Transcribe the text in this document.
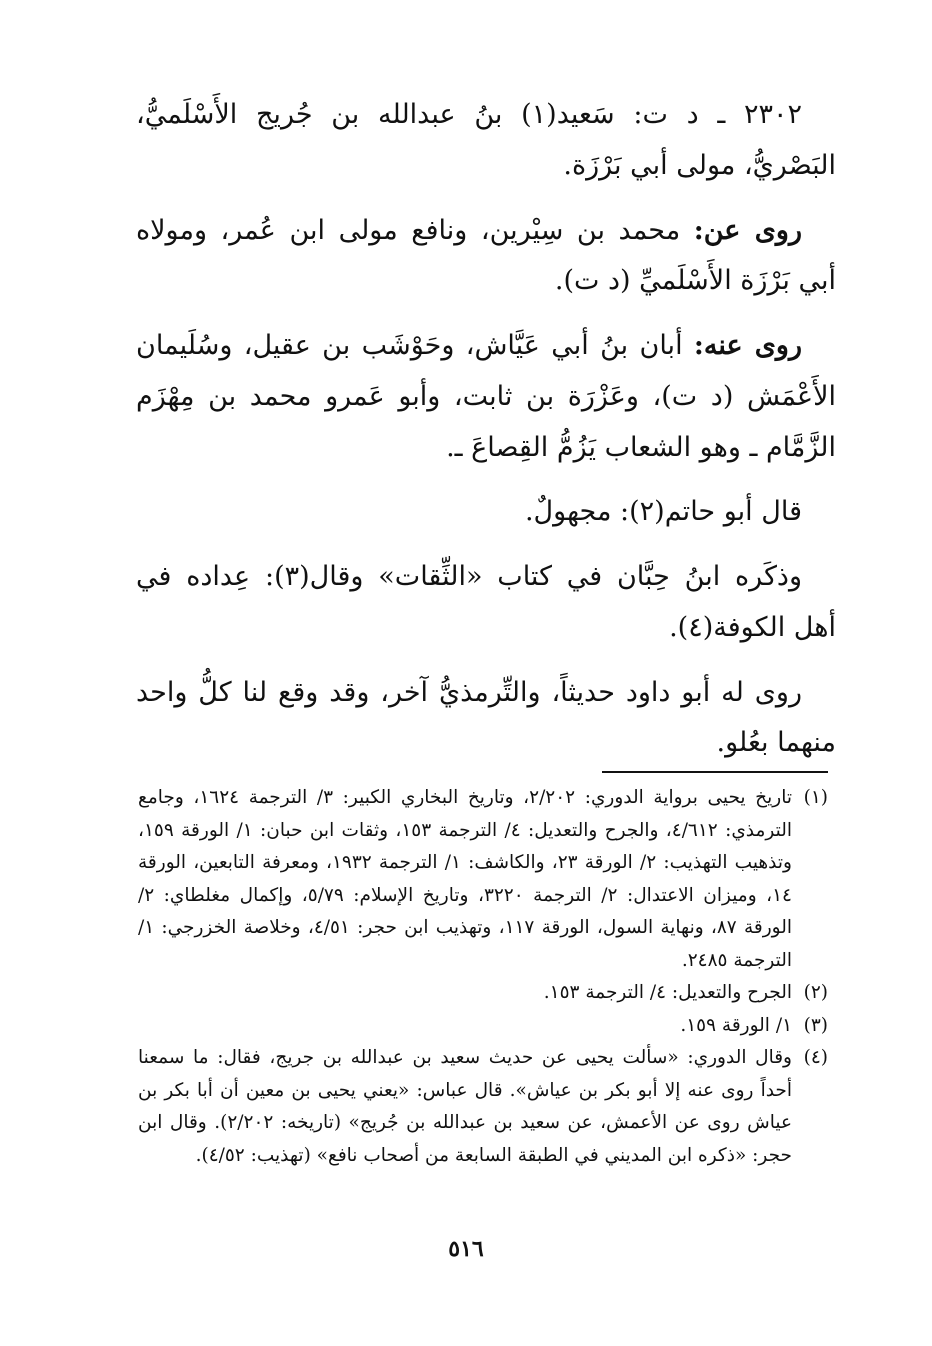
٢٣٠٢ ـ د ت: سَعيد(١) بنُ عبدالله بن جُريج الأَسْلَميُّ، البَصْريُّ، مولى أبي بَرْزَة.

روى عن: محمد بن سِيْرين، ونافع مولى ابن عُمر، ومولاه أبي بَرْزَة الأَسْلَميِّ (د ت).

روى عنه: أبان بنُ أبي عَيَّاش، وحَوْشَب بن عقيل، وسُلَيمان الأَعْمَش (د ت)، وعَزْرَة بن ثابت، وأبو عَمرو محمد بن مِهْزَم الزَّمَّام ـ وهو الشعاب يَزُمُّ القِصاعَ ـ.

قال أبو حاتم(٢): مجهولٌ.

وذكَره ابنُ حِبَّان في كتاب «الثِّقات» وقال(٣): عِداده في أهل الكوفة(٤).

روى له أبو داود حديثاً، والتِّرمذيُّ آخر، وقد وقع لنا كلُّ واحد منهما بعُلو.

(١)
تاريخ يحيى برواية الدوري: ٢/٢٠٢، وتاريخ البخاري الكبير: ٣/ الترجمة ١٦٢٤، وجامع الترمذي: ٤/٦١٢، والجرح والتعديل: ٤/ الترجمة ١٥٣، وثقات ابن حبان: ١/ الورقة ١٥٩، وتذهيب التهذيب: ٢/ الورقة ٢٣، والكاشف: ١/ الترجمة ١٩٣٢، ومعرفة التابعين، الورقة ١٤، وميزان الاعتدال: ٢/ الترجمة ٣٢٢٠، وتاريخ الإسلام: ٥/٧٩، وإكمال مغلطاي: ٢/ الورقة ٨٧، ونهاية السول، الورقة ١١٧، وتهذيب ابن حجر: ٤/٥١، وخلاصة الخزرجي: ١/ الترجمة ٢٤٨٥.
(٢)
الجرح والتعديل: ٤/ الترجمة ١٥٣.
(٣)
١/ الورقة ١٥٩.
(٤)
وقال الدوري: «سألت يحيى عن حديث سعيد بن عبدالله بن جريج، فقال: ما سمعنا أحداً روى عنه إلا أبو بكر بن عياش». قال عباس: «يعني يحيى بن معين أن أبا بكر بن عياش روى عن الأعمش، عن سعيد بن عبدالله بن جُريج» (تاريخه: ٢/٢٠٢). وقال ابن حجر: «ذكره ابن المديني في الطبقة السابعة من أصحاب نافع» (تهذيب: ٤/٥٢).
٥١٦
